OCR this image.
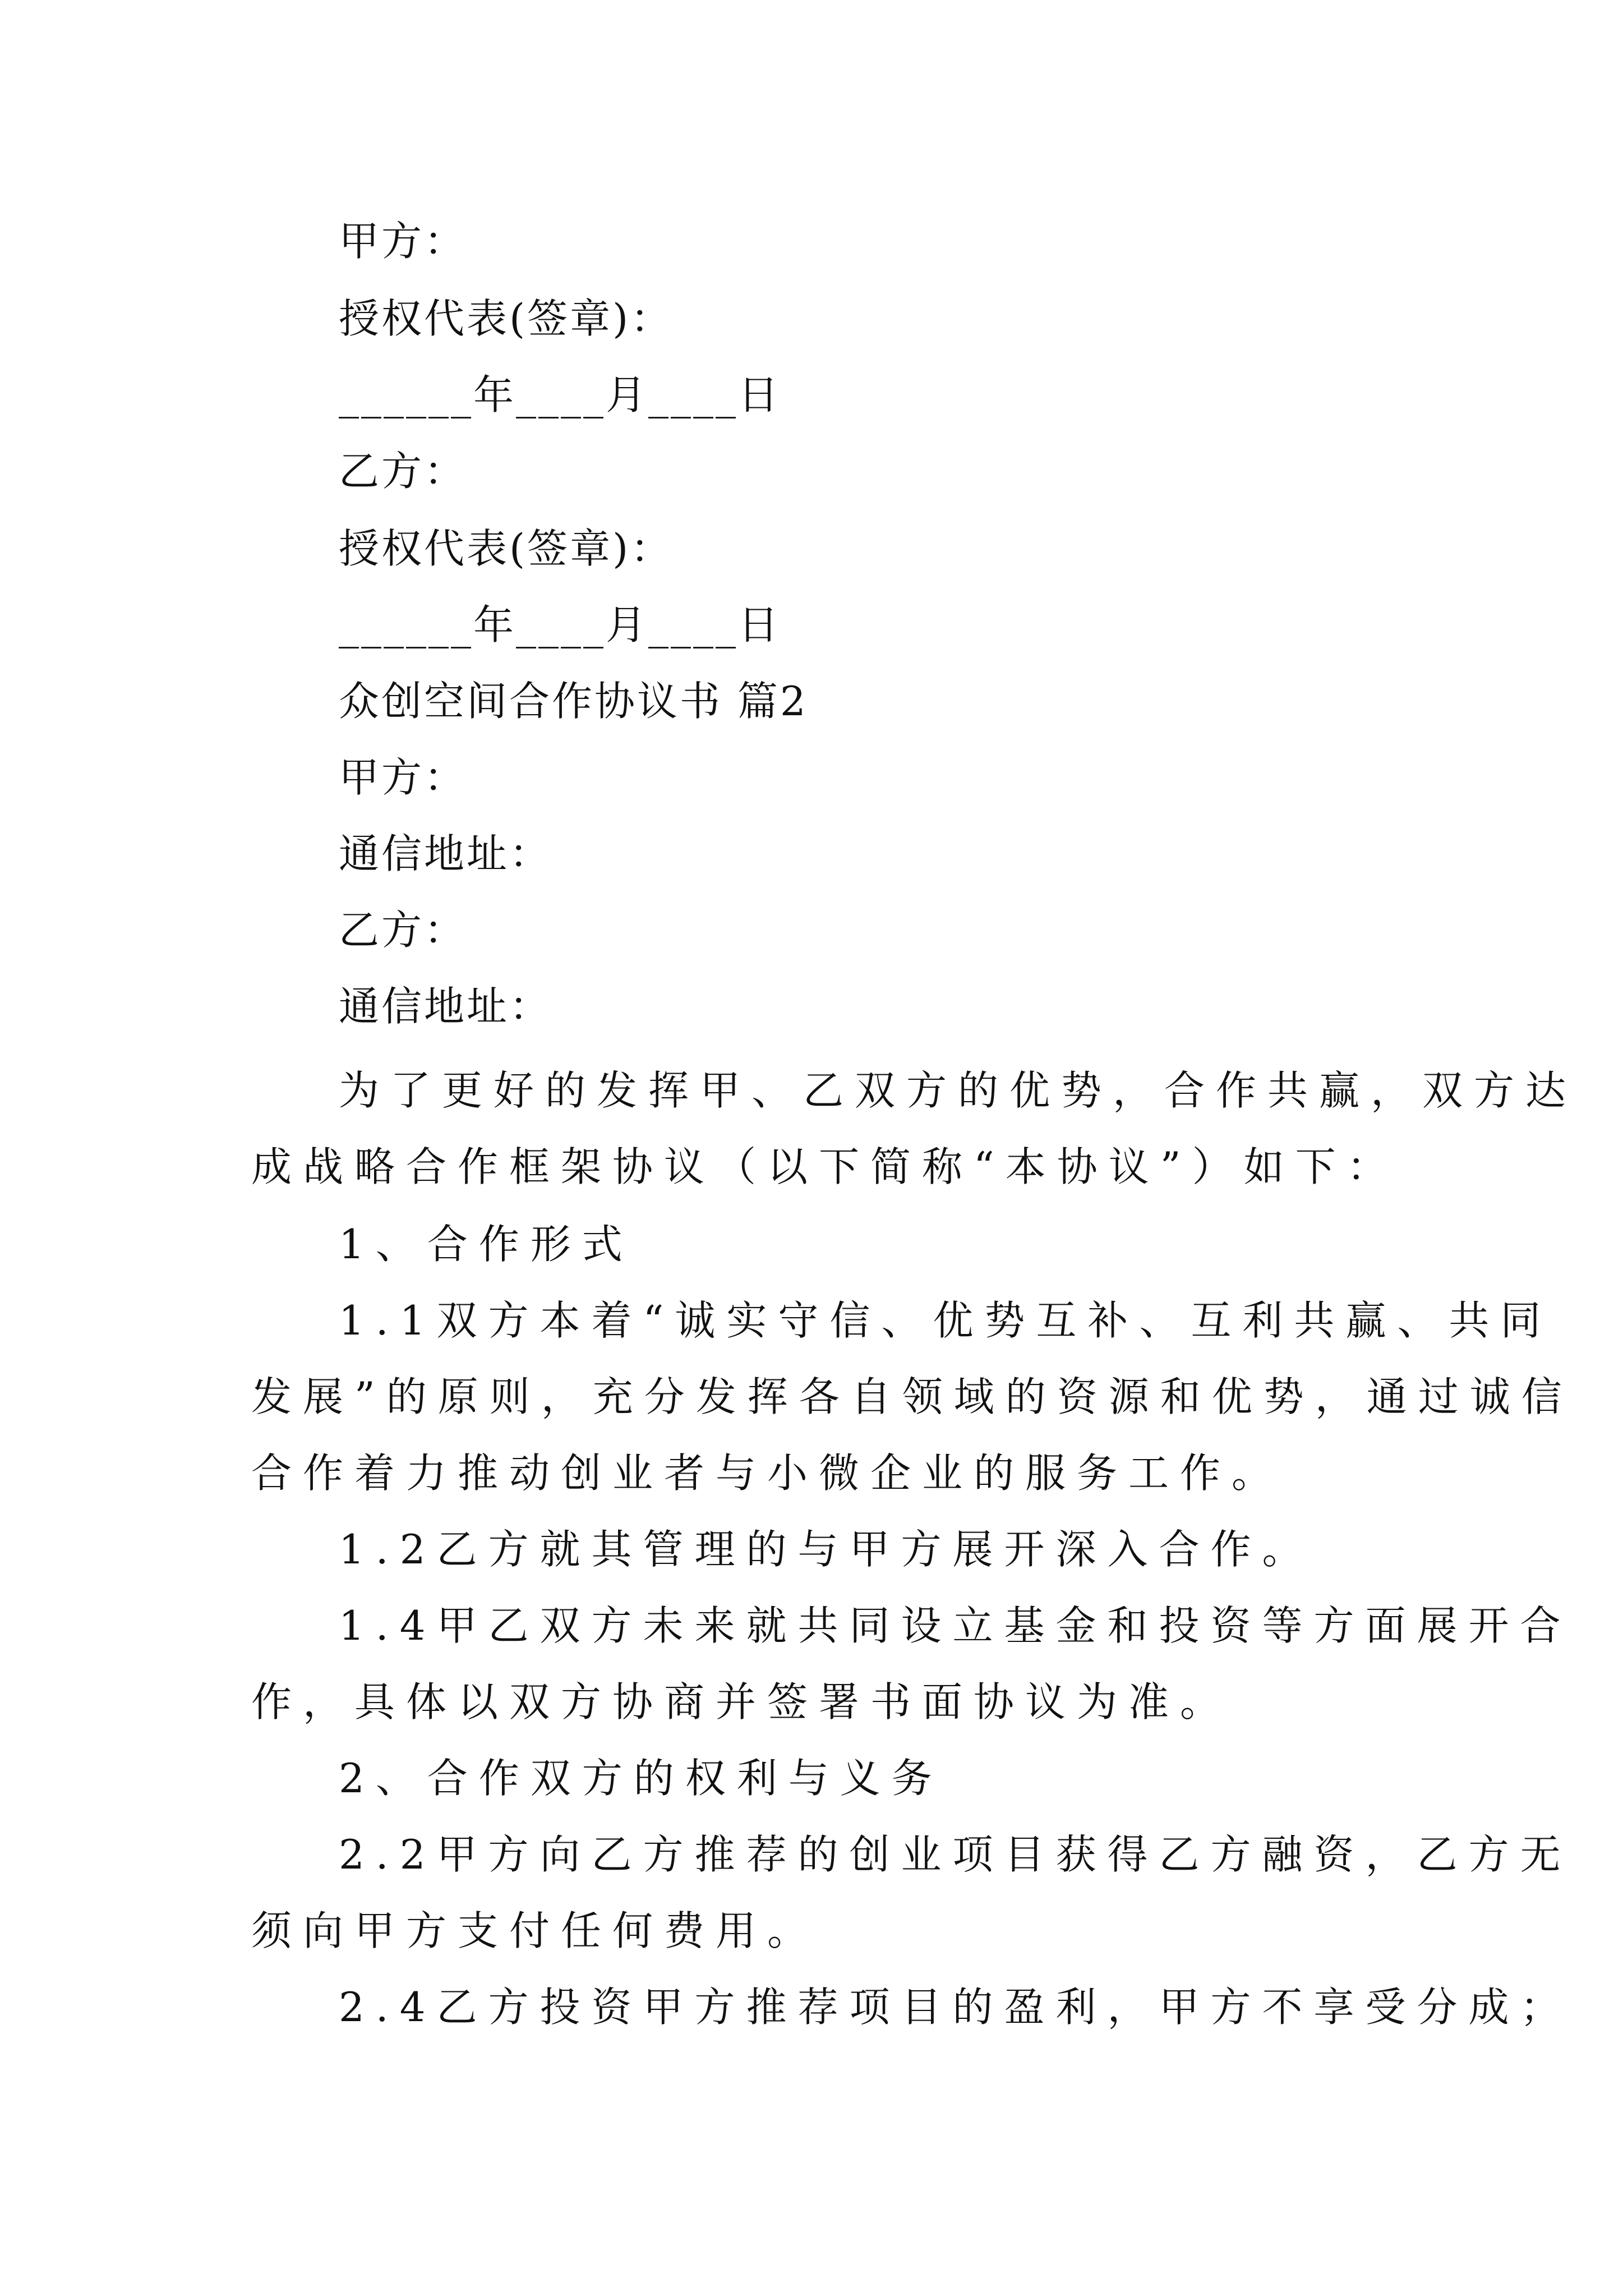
甲方：
授权代表(签章)：
______年____月____日
乙方：
授权代表(签章)：
______年____月____日
众创空间合作协议书 篇2
甲方：
通信地址：
乙方：
通信地址：
为了更好的发挥甲、乙双方的优势，合作共赢，双方达
成战略合作框架协议（以下简称“本协议”）如下：
1、合作形式
1.1双方本着“诚实守信、优势互补、互利共赢、共同
发展”的原则，充分发挥各自领域的资源和优势，通过诚信
合作着力推动创业者与小微企业的服务工作。
1.2乙方就其管理的与甲方展开深入合作。
1.4甲乙双方未来就共同设立基金和投资等方面展开合
作，具体以双方协商并签署书面协议为准。
2、合作双方的权利与义务
2.2甲方向乙方推荐的创业项目获得乙方融资，乙方无
须向甲方支付任何费用。
2.4乙方投资甲方推荐项目的盈利，甲方不享受分成；
